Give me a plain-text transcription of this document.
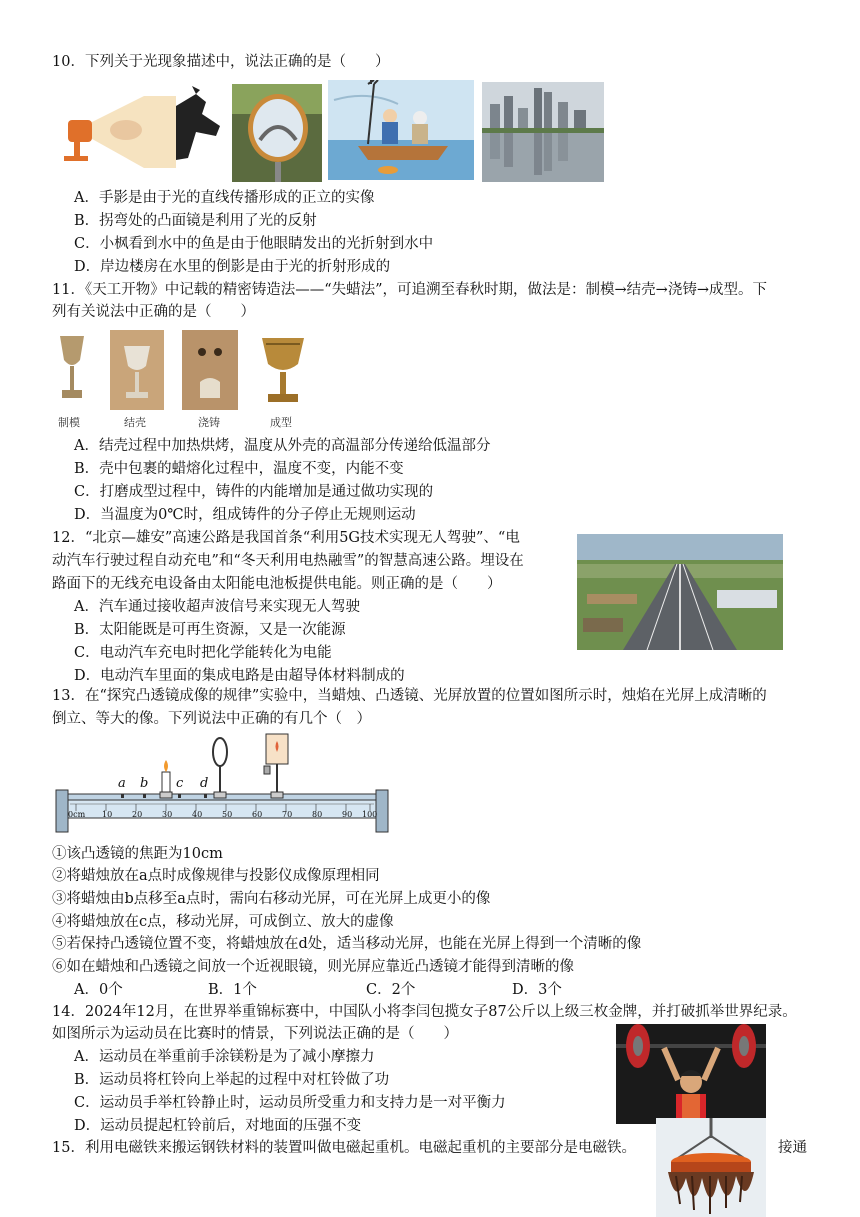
10．下列关于光现象描述中，说法正确的是（　　）
A．手影是由于光的直线传播形成的正立的实像
B．拐弯处的凸面镜是利用了光的反射
C．小枫看到水中的鱼是由于他眼睛发出的光折射到水中
D．岸边楼房在水里的倒影是由于光的折射形成的
11．《天工开物》中记载的精密铸造法——“失蜡法”，可追溯至春秋时期，做法是：制模→结壳→浇铸→成型。下
列有关说法中正确的是（　　）
制模	结壳	浇铸	成型
A．结壳过程中加热烘烤，温度从外壳的高温部分传递给低温部分
B．壳中包裹的蜡熔化过程中，温度不变，内能不变
C．打磨成型过程中，铸件的内能增加是通过做功实现的
D．当温度为0℃时，组成铸件的分子停止无规则运动
12．“北京—雄安”高速公路是我国首条“利用5G技术实现无人驾驶”、“电
动汽车行驶过程自动充电”和“冬天利用电热融雪”的智慧高速公路。埋设在
路面下的无线充电设备由太阳能电池板提供电能。则正确的是（　　）
A．汽车通过接收超声波信号来实现无人驾驶
B．太阳能既是可再生资源，又是一次能源
C．电动汽车充电时把化学能转化为电能
D．电动汽车里面的集成电路是由超导体材料制成的
13．在“探究凸透镜成像的规律”实验中，当蜡烛、凸透镜、光屏放置的位置如图所示时，烛焰在光屏上成清晰的
倒立、等大的像。下列说法中正确的有几个（　）
a b c d
0cm 10 20 30 40 50 60 70 80 90 100
①该凸透镜的焦距为10cm
②将蜡烛放在a点时成像规律与投影仪成像原理相同
③将蜡烛由b点移至a点时，需向右移动光屏，可在光屏上成更小的像
④将蜡烛放在c点，移动光屏，可成倒立、放大的虚像
⑤若保持凸透镜位置不变，将蜡烛放在d处，适当移动光屏，也能在光屏上得到一个清晰的像
⑥如在蜡烛和凸透镜之间放一个近视眼镜，则光屏应靠近凸透镜才能得到清晰的像
A．0个	B．1个	C．2个	D．3个
14．2024年12月，在世界举重锦标赛中，中国队小将李闫包揽女子87公斤以上级三枚金牌，并打破抓举世界纪录。
如图所示为运动员在比赛时的情景，下列说法正确的是（　　）
A．运动员在举重前手涂镁粉是为了减小摩擦力
B．运动员将杠铃向上举起的过程中对杠铃做了功
C．运动员手举杠铃静止时，运动员所受重力和支持力是一对平衡力
D．运动员提起杠铃前后，对地面的压强不变
15．利用电磁铁来搬运钢铁材料的装置叫做电磁起重机。电磁起重机的主要部分是电磁铁。	接通
